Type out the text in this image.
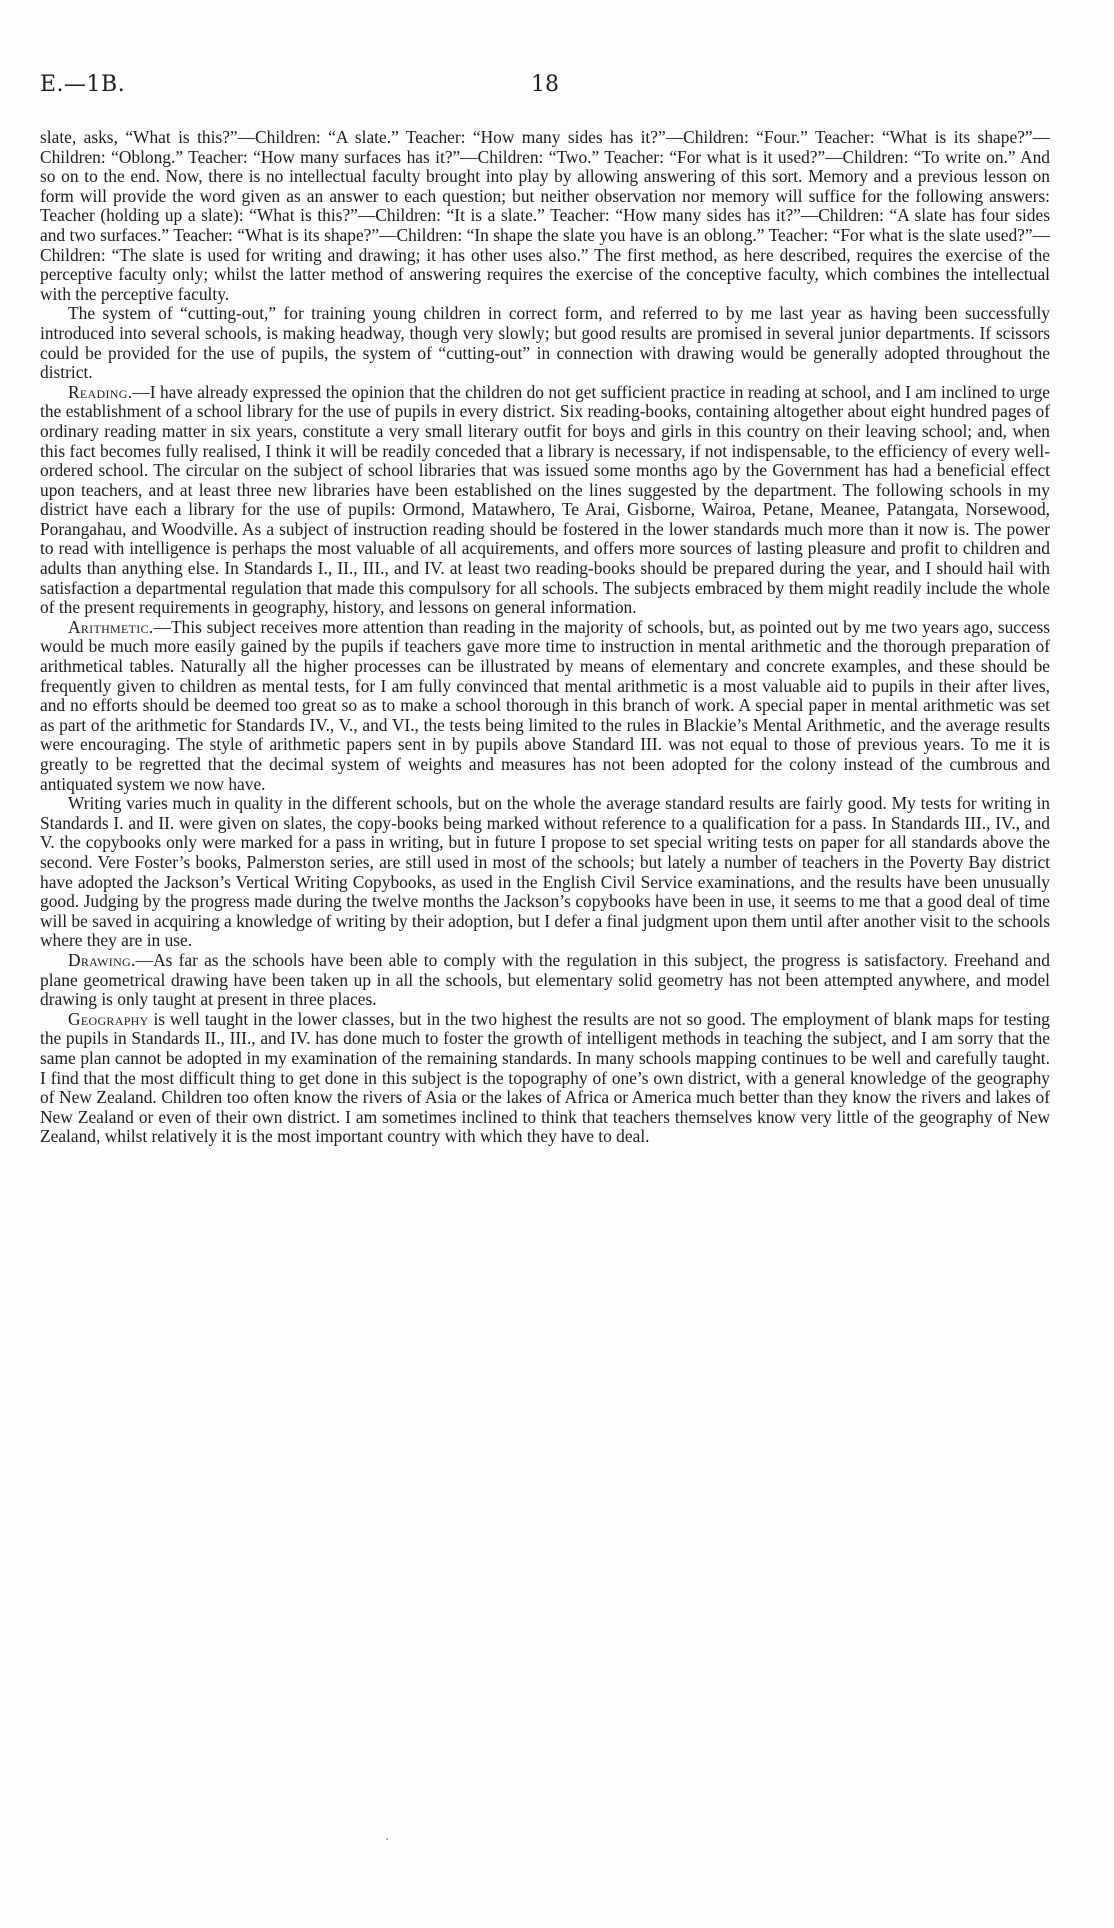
E.—1B.	18

slate, asks, “What is this?”—Children: “A slate.” Teacher: “How many sides has it?”—Children: “Four.” Teacher: “What is its shape?”—Children: “Oblong.” Teacher: “How many surfaces has it?”—Children: “Two.” Teacher: “For what is it used?”—Children: “To write on.” And so on to the end. Now, there is no intellectual faculty brought into play by allowing answering of this sort. Memory and a previous lesson on form will provide the word given as an answer to each question; but neither observation nor memory will suffice for the following answers: Teacher (holding up a slate): “What is this?”—Children: “It is a slate.” Teacher: “How many sides has it?”—Children: “A slate has four sides and two surfaces.” Teacher: “What is its shape?”—Children: “In shape the slate you have is an oblong.” Teacher: “For what is the slate used?”—Children: “The slate is used for writing and drawing; it has other uses also.” The first method, as here described, requires the exercise of the perceptive faculty only; whilst the latter method of answering requires the exercise of the conceptive faculty, which combines the intellectual with the perceptive faculty.

The system of “cutting-out,” for training young children in correct form, and referred to by me last year as having been successfully introduced into several schools, is making headway, though very slowly; but good results are promised in several junior departments. If scissors could be provided for the use of pupils, the system of “cutting-out” in connection with drawing would be generally adopted throughout the district.

Reading.—I have already expressed the opinion that the children do not get sufficient practice in reading at school, and I am inclined to urge the establishment of a school library for the use of pupils in every district. Six reading-books, containing altogether about eight hundred pages of ordinary reading matter in six years, constitute a very small literary outfit for boys and girls in this country on their leaving school; and, when this fact becomes fully realised, I think it will be readily conceded that a library is necessary, if not indispensable, to the efficiency of every well-ordered school. The circular on the subject of school libraries that was issued some months ago by the Government has had a beneficial effect upon teachers, and at least three new libraries have been established on the lines suggested by the department. The following schools in my district have each a library for the use of pupils: Ormond, Matawhero, Te Arai, Gisborne, Wairoa, Petane, Meanee, Patangata, Norsewood, Porangahau, and Woodville. As a subject of instruction reading should be fostered in the lower standards much more than it now is. The power to read with intelligence is perhaps the most valuable of all acquirements, and offers more sources of lasting pleasure and profit to children and adults than anything else. In Standards I., II., III., and IV. at least two reading-books should be prepared during the year, and I should hail with satisfaction a departmental regulation that made this compulsory for all schools. The subjects embraced by them might readily include the whole of the present requirements in geography, history, and lessons on general information.

Arithmetic.—This subject receives more attention than reading in the majority of schools, but, as pointed out by me two years ago, success would be much more easily gained by the pupils if teachers gave more time to instruction in mental arithmetic and the thorough preparation of arithmetical tables. Naturally all the higher processes can be illustrated by means of elementary and concrete examples, and these should be frequently given to children as mental tests, for I am fully convinced that mental arithmetic is a most valuable aid to pupils in their after lives, and no efforts should be deemed too great so as to make a school thorough in this branch of work. A special paper in mental arithmetic was set as part of the arithmetic for Standards IV., V., and VI., the tests being limited to the rules in Blackie’s Mental Arithmetic, and the average results were encouraging. The style of arithmetic papers sent in by pupils above Standard III. was not equal to those of previous years. To me it is greatly to be regretted that the decimal system of weights and measures has not been adopted for the colony instead of the cumbrous and antiquated system we now have.

Writing varies much in quality in the different schools, but on the whole the average standard results are fairly good. My tests for writing in Standards I. and II. were given on slates, the copy-books being marked without reference to a qualification for a pass. In Standards III., IV., and V. the copybooks only were marked for a pass in writing, but in future I propose to set special writing tests on paper for all standards above the second. Vere Foster’s books, Palmerston series, are still used in most of the schools; but lately a number of teachers in the Poverty Bay district have adopted the Jackson’s Vertical Writing Copybooks, as used in the English Civil Service examinations, and the results have been unusually good. Judging by the progress made during the twelve months the Jackson’s copybooks have been in use, it seems to me that a good deal of time will be saved in acquiring a knowledge of writing by their adoption, but I defer a final judgment upon them until after another visit to the schools where they are in use.

Drawing.—As far as the schools have been able to comply with the regulation in this subject, the progress is satisfactory. Freehand and plane geometrical drawing have been taken up in all the schools, but elementary solid geometry has not been attempted anywhere, and model drawing is only taught at present in three places.

Geography is well taught in the lower classes, but in the two highest the results are not so good. The employment of blank maps for testing the pupils in Standards II., III., and IV. has done much to foster the growth of intelligent methods in teaching the subject, and I am sorry that the same plan cannot be adopted in my examination of the remaining standards. In many schools mapping continues to be well and carefully taught. I find that the most difficult thing to get done in this subject is the topography of one’s own district, with a general knowledge of the geography of New Zealand. Children too often know the rivers of Asia or the lakes of Africa or America much better than they know the rivers and lakes of New Zealand or even of their own district. I am sometimes inclined to think that teachers themselves know very little of the geography of New Zealand, whilst relatively it is the most important country with which they have to deal.
